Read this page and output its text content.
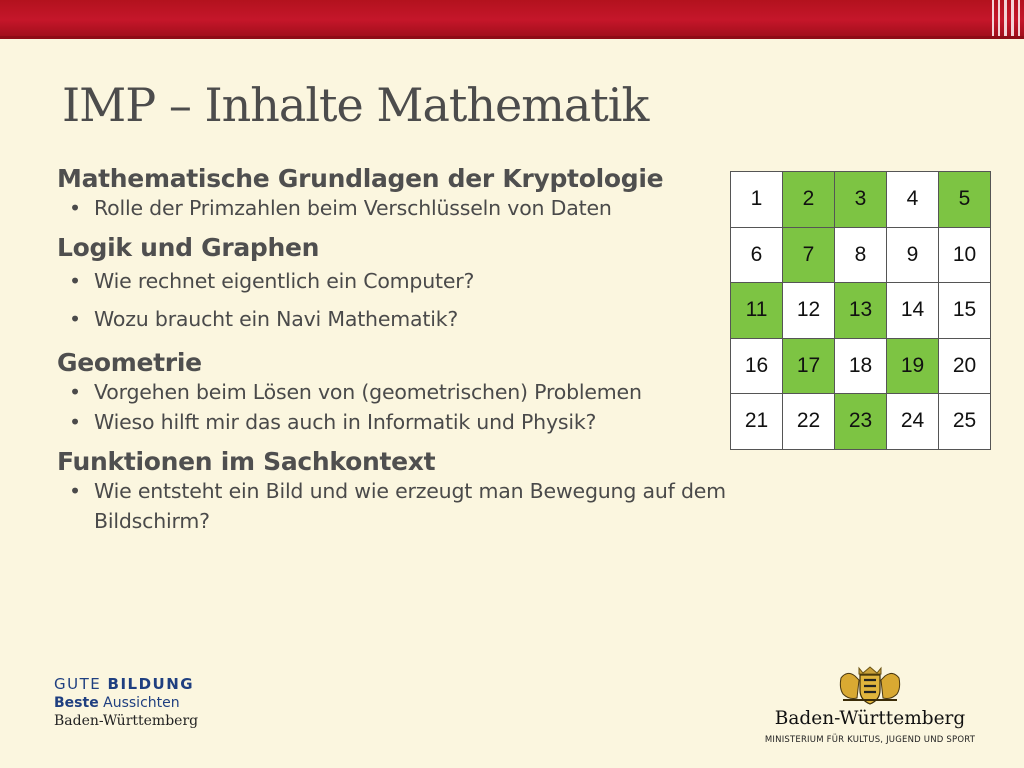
IMP – Inhalte Mathematik
Mathematische Grundlagen der Kryptologie
• Rolle der Primzahlen beim Verschlüsseln von Daten
Logik und Graphen
• Wie rechnet eigentlich ein Computer?
• Wozu braucht ein Navi Mathematik?
Geometrie
• Vorgehen beim Lösen von (geometrischen) Problemen
• Wieso hilft mir das auch in Informatik und Physik?
Funktionen im Sachkontext
• Wie entsteht ein Bild und wie erzeugt man Bewegung auf dem Bildschirm?
1	2	3	4	5
6	7	8	9	10
11	12	13	14	15
16	17	18	19	20
21	22	23	24	25
GUTE BILDUNG
Beste Aussichten
Baden-Württemberg	Baden-Württemberg
MINISTERIUM FÜR KULTUS, JUGEND UND SPORT
